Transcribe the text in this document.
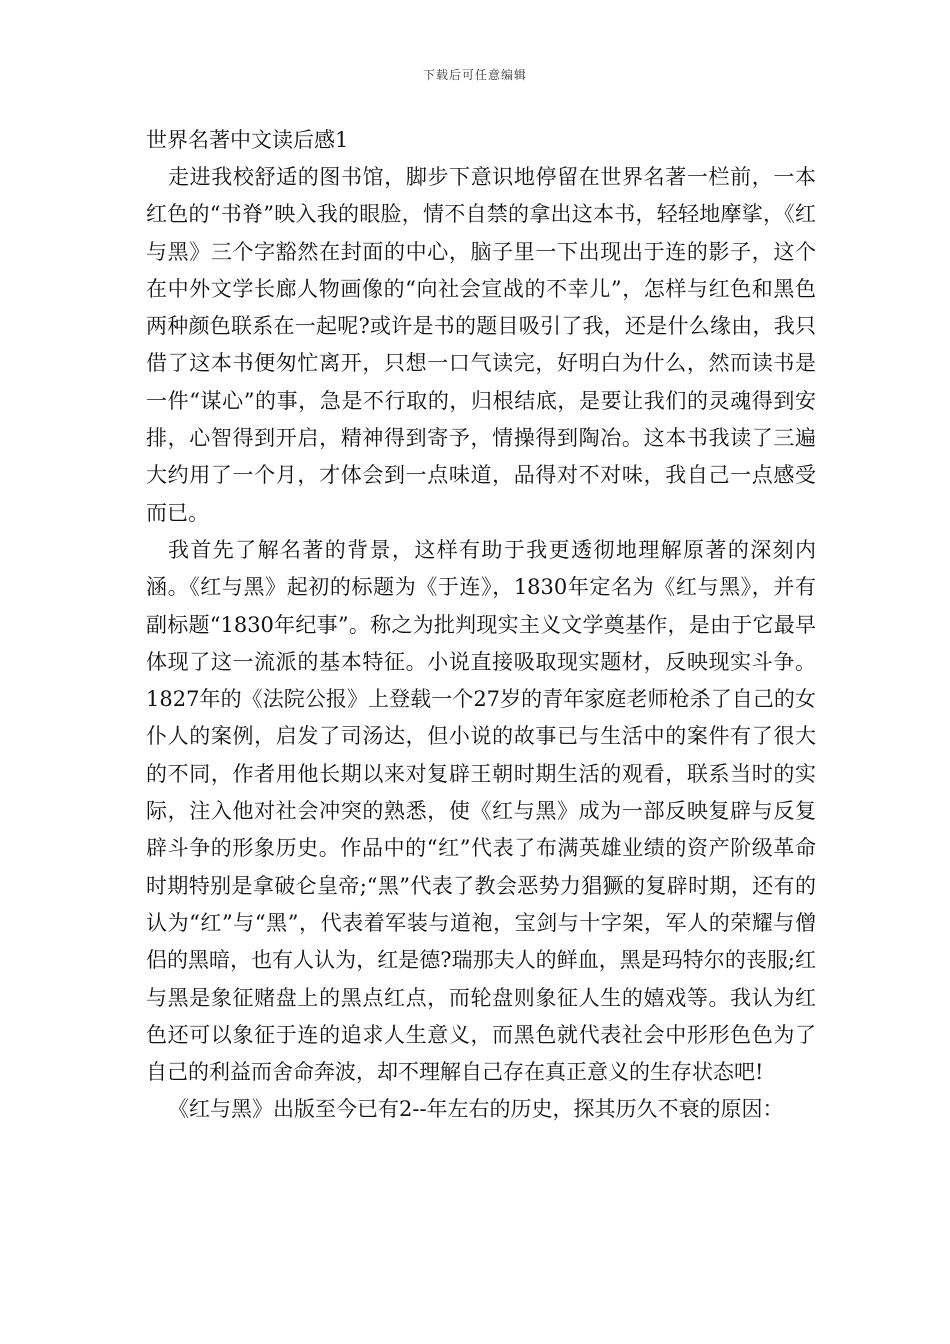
下载后可任意编辑
世界名著中文读后感1

走进我校舒适的图书馆，脚步下意识地停留在世界名著一栏前，一本红色的“书脊”映入我的眼脸，情不自禁的拿出这本书，轻轻地摩挲，《红与黑》三个字豁然在封面的中心，脑子里一下出现出于连的影子，这个在中外文学长廊人物画像的“向社会宣战的不幸儿”，怎样与红色和黑色两种颜色联系在一起呢?或许是书的题目吸引了我，还是什么缘由，我只借了这本书便匆忙离开，只想一口气读完，好明白为什么，然而读书是一件“谋心”的事，急是不行取的，归根结底，是要让我们的灵魂得到安排，心智得到开启，精神得到寄予，情操得到陶冶。这本书我读了三遍大约用了一个月，才体会到一点味道，品得对不对味，我自己一点感受而已。

我首先了解名著的背景，这样有助于我更透彻地理解原著的深刻内涵。《红与黑》起初的标题为《于连》，1830年定名为《红与黑》，并有副标题“1830年纪事”。称之为批判现实主义文学奠基作，是由于它最早体现了这一流派的基本特征。小说直接吸取现实题材，反映现实斗争。1827年的《法院公报》上登载一个27岁的青年家庭老师枪杀了自己的女仆人的案例，启发了司汤达，但小说的故事已与生活中的案件有了很大的不同，作者用他长期以来对复辟王朝时期生活的观看，联系当时的实际，注入他对社会冲突的熟悉，使《红与黑》成为一部反映复辟与反复辟斗争的形象历史。作品中的“红”代表了布满英雄业绩的资产阶级革命时期特别是拿破仑皇帝;“黑”代表了教会恶势力猖獗的复辟时期，还有的认为“红”与“黑”，代表着军装与道袍，宝剑与十字架，军人的荣耀与僧侣的黑暗，也有人认为，红是德?瑞那夫人的鲜血，黑是玛特尔的丧服;红与黑是象征赌盘上的黑点红点，而轮盘则象征人生的嬉戏等。我认为红色还可以象征于连的追求人生意义，而黑色就代表社会中形形色色为了自己的利益而舍命奔波，却不理解自己存在真正意义的生存状态吧!

《红与黑》出版至今已有2--年左右的历史，探其历久不衰的原因：
